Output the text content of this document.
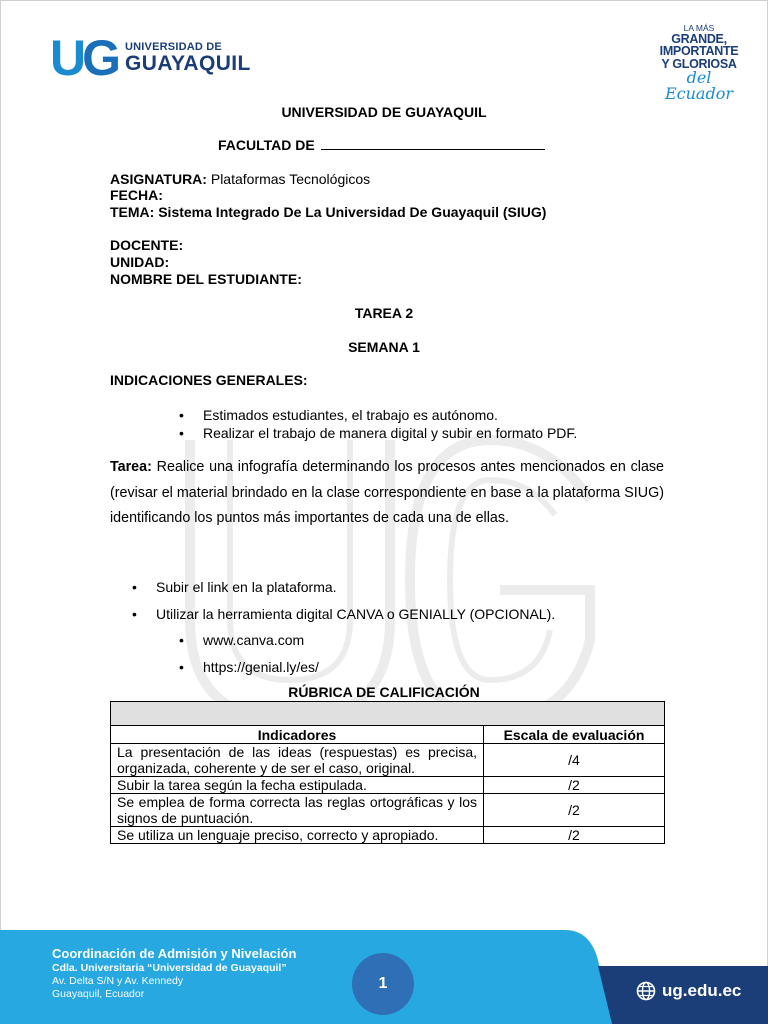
UG UNIVERSIDAD DE
GUAYAQUIL
LA MÁS
GRANDE,
IMPORTANTE
Y GLORIOSA
del Ecuador
UNIVERSIDAD DE GUAYAQUIL
FACULTAD DE
ASIGNATURA: Plataformas Tecnológicos
FECHA:
TEMA: Sistema Integrado De La Universidad De Guayaquil (SIUG)
DOCENTE:
UNIDAD:
NOMBRE DEL ESTUDIANTE:
TAREA 2
SEMANA 1
INDICACIONES GENERALES:
• Estimados estudiantes, el trabajo es autónomo.
• Realizar el trabajo de manera digital y subir en formato PDF.
Tarea: Realice una infografía determinando los procesos antes mencionados en clase (revisar el material brindado en la clase correspondiente en base a la plataforma SIUG) identificando los puntos más importantes de cada una de ellas.
• Subir el link en la plataforma.
• Utilizar la herramienta digital CANVA o GENIALLY (OPCIONAL).
• www.canva.com
• https://genial.ly/es/
RÚBRICA DE CALIFICACIÓN

Indicadores	Escala de evaluación
La presentación de las ideas (respuestas) es precisa, organizada, coherente y de ser el caso, original.	/4
Subir la tarea según la fecha estipulada.	/2
Se emplea de forma correcta las reglas ortográficas y los signos de puntuación.	/2
Se utiliza un lenguaje preciso, correcto y apropiado.	/2
Coordinación de Admisión y Nivelación
Cdla. Universitaria “Universidad de Guayaquil”
Av. Delta S/N y Av. Kennedy
Guayaquil, Ecuador
1	ug.edu.ec
